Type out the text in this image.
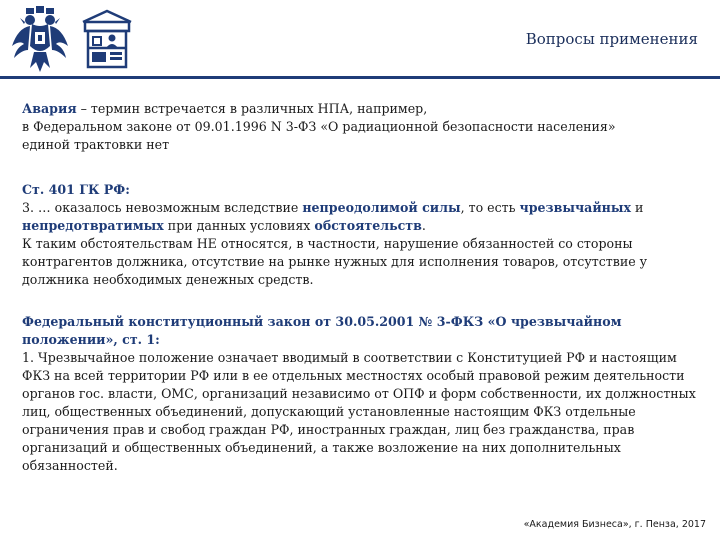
Вопросы применения

Авария – термин встречается в различных НПА, например,
в Федеральном законе от 09.01.1996 N 3-ФЗ «О радиационной безопасности населения»
единой трактовки нет

Ст. 401 ГК РФ:
3. … оказалось невозможным вследствие непреодолимой силы, то есть чрезвычайных и непредотвратимых при данных условиях обстоятельств.
К таким обстоятельствам НЕ относятся, в частности, нарушение обязанностей со стороны контрагентов должника, отсутствие на рынке нужных для исполнения товаров, отсутствие у должника необходимых денежных средств.

Федеральный конституционный закон от 30.05.2001 № 3-ФКЗ «О чрезвычайном положении», ст. 1:
1. Чрезвычайное положение означает вводимый в соответствии с Конституцией РФ и настоящим ФКЗ на всей территории РФ или в ее отдельных местностях особый правовой режим деятельности органов гос. власти, ОМС, организаций независимо от ОПФ и форм собственности, их должностных лиц, общественных объединений, допускающий установленные настоящим ФКЗ отдельные ограничения прав и свобод граждан РФ, иностранных граждан, лиц без гражданства, прав организаций и общественных объединений, а также возложение на них дополнительных обязанностей.

«Академия Бизнеса», г. Пенза, 2017
